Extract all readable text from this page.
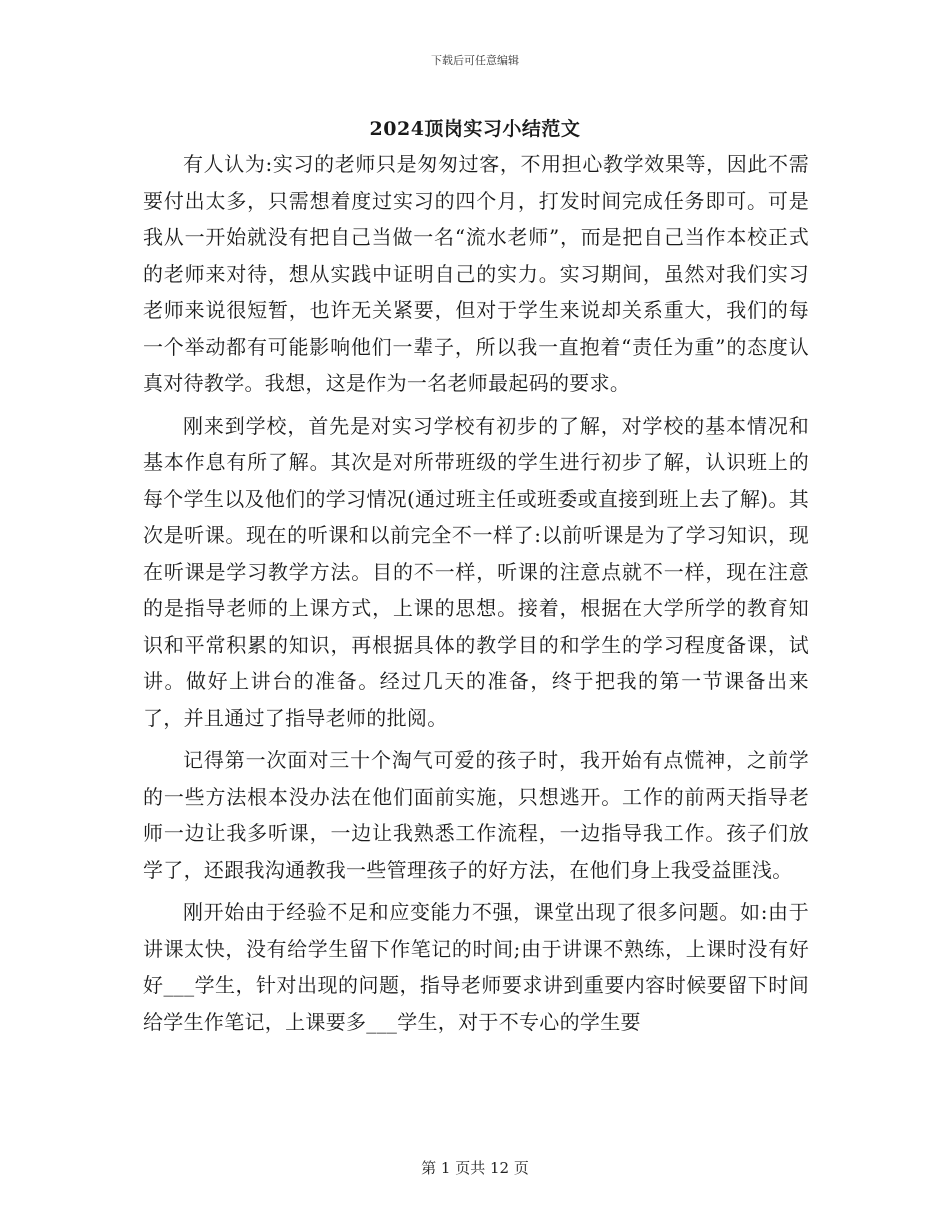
下载后可任意编辑
2024顶岗实习小结范文

有人认为:实习的老师只是匆匆过客，不用担心教学效果等，因此不需要付出太多，只需想着度过实习的四个月，打发时间完成任务即可。可是我从一开始就没有把自己当做一名“流水老师”，而是把自己当作本校正式的老师来对待，想从实践中证明自己的实力。实习期间，虽然对我们实习老师来说很短暂，也许无关紧要，但对于学生来说却关系重大，我们的每一个举动都有可能影响他们一辈子，所以我一直抱着“责任为重”的态度认真对待教学。我想，这是作为一名老师最起码的要求。

刚来到学校，首先是对实习学校有初步的了解，对学校的基本情况和基本作息有所了解。其次是对所带班级的学生进行初步了解，认识班上的每个学生以及他们的学习情况(通过班主任或班委或直接到班上去了解)。其次是听课。现在的听课和以前完全不一样了:以前听课是为了学习知识，现在听课是学习教学方法。目的不一样，听课的注意点就不一样，现在注意的是指导老师的上课方式，上课的思想。接着，根据在大学所学的教育知识和平常积累的知识，再根据具体的教学目的和学生的学习程度备课，试讲。做好上讲台的准备。经过几天的准备，终于把我的第一节课备出来了，并且通过了指导老师的批阅。

记得第一次面对三十个淘气可爱的孩子时，我开始有点慌神，之前学的一些方法根本没办法在他们面前实施，只想逃开。工作的前两天指导老师一边让我多听课，一边让我熟悉工作流程，一边指导我工作。孩子们放学了，还跟我沟通教我一些管理孩子的好方法，在他们身上我受益匪浅。

刚开始由于经验不足和应变能力不强，课堂出现了很多问题。如:由于讲课太快，没有给学生留下作笔记的时间;由于讲课不熟练，上课时没有好好___学生，针对出现的问题，指导老师要求讲到重要内容时候要留下时间给学生作笔记，上课要多___学生，对于不专心的学生要

第 1 页共 12 页
